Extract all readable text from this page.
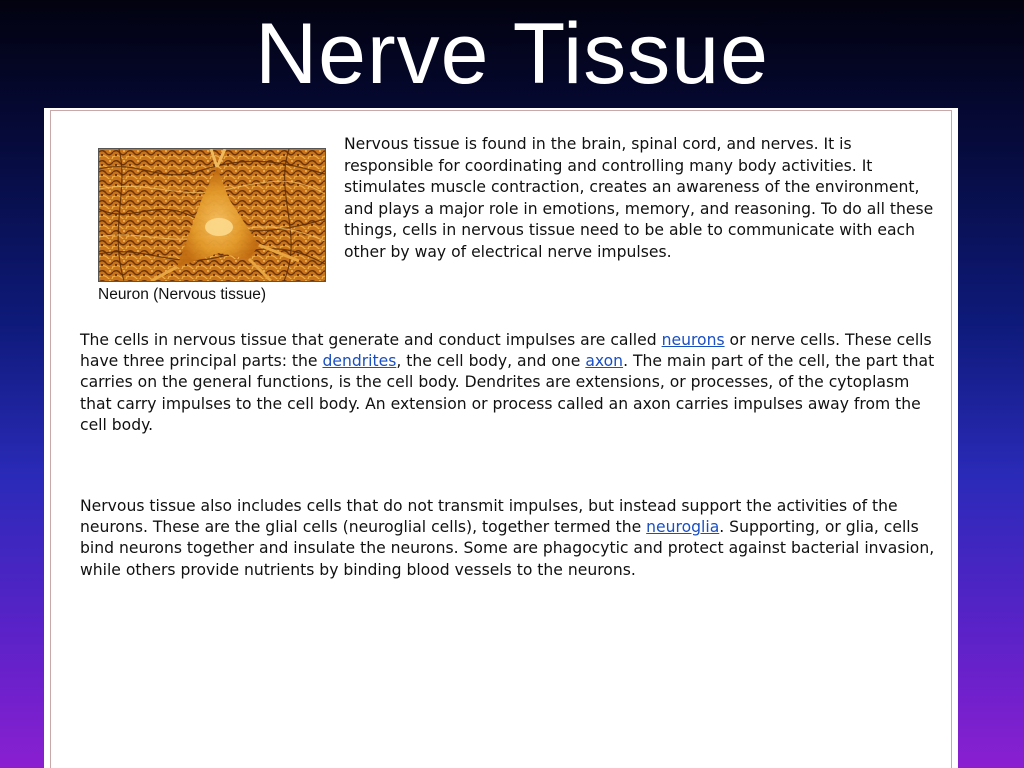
Nerve Tissue
Neuron (Nervous tissue)

Nervous tissue is found in the brain, spinal cord, and nerves. It is responsible for coordinating and controlling many body activities. It stimulates muscle contraction, creates an awareness of the environment, and plays a major role in emotions, memory, and reasoning. To do all these things, cells in nervous tissue need to be able to communicate with each other by way of electrical nerve impulses.

The cells in nervous tissue that generate and conduct impulses are called neurons or nerve cells. These cells have three principal parts: the dendrites, the cell body, and one axon. The main part of the cell, the part that carries on the general functions, is the cell body. Dendrites are extensions, or processes, of the cytoplasm that carry impulses to the cell body. An extension or process called an axon carries impulses away from the cell body.

Nervous tissue also includes cells that do not transmit impulses, but instead support the activities of the neurons. These are the glial cells (neuroglial cells), together termed the neuroglia. Supporting, or glia, cells bind neurons together and insulate the neurons. Some are phagocytic and protect against bacterial invasion, while others provide nutrients by binding blood vessels to the neurons.
